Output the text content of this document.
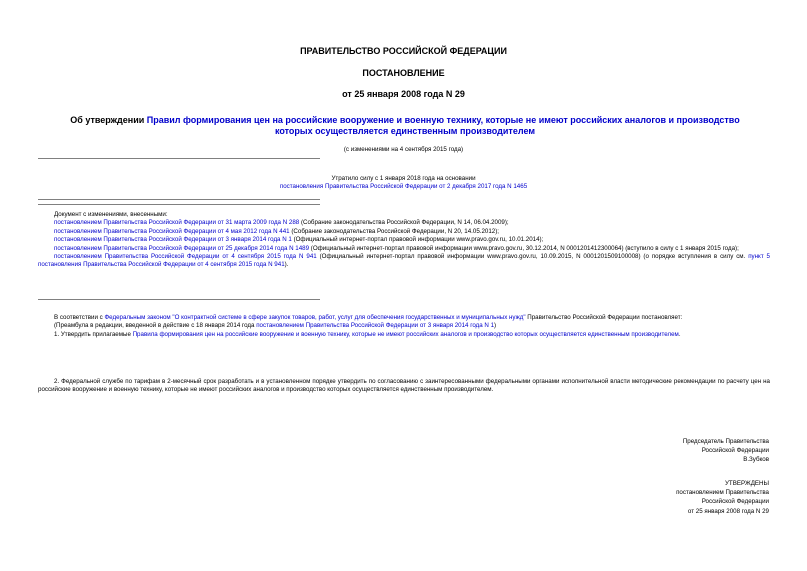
ПРАВИТЕЛЬСТВО РОССИЙСКОЙ ФЕДЕРАЦИИ
ПОСТАНОВЛЕНИЕ
от 25 января 2008 года N 29
Об утверждении Правил формирования цен на российские вооружение и военную технику, которые не имеют российских аналогов и производство которых осуществляется единственным производителем
(с изменениями на 4 сентября 2015 года)
Утратило силу с 1 января 2018 года на основании
постановления Правительства Российской Федерации от 2 декабря 2017 года N 1465
Документ с изменениями, внесенными:
постановлением Правительства Российской Федерации от 31 марта 2009 года N 288 (Собрание законодательства Российской Федерации, N 14, 06.04.2009);
постановлением Правительства Российской Федерации от 4 мая 2012 года N 441 (Собрание законодательства Российской Федерации, N 20, 14.05.2012);
постановлением Правительства Российской Федерации от 3 января 2014 года N 1 (Официальный интернет-портал правовой информации www.pravo.gov.ru, 10.01.2014);
постановлением Правительства Российской Федерации от 25 декабря 2014 года N 1489 (Официальный интернет-портал правовой информации www.pravo.gov.ru, 30.12.2014, N 0001201412300064) (вступило в силу с 1 января 2015 года);
постановлением Правительства Российской Федерации от 4 сентября 2015 года N 941 (Официальный интернет-портал правовой информации www.pravo.gov.ru, 10.09.2015, N 0001201509100008) (о порядке вступления в силу см. пункт 5 постановления Правительства Российской Федерации от 4 сентября 2015 года N 941).
В соответствии с Федеральным законом "О контрактной системе в сфере закупок товаров, работ, услуг для обеспечения государственных и муниципальных нужд" Правительство Российской Федерации постановляет:
(Преамбула в редакции, введенной в действие с 18 января 2014 года постановлением Правительства Российской Федерации от 3 января 2014 года N 1)
1. Утвердить прилагаемые Правила формирования цен на российские вооружение и военную технику, которые не имеют российских аналогов и производство которых осуществляется единственным производителем.
2. Федеральной службе по тарифам в 2-месячный срок разработать и в установленном порядке утвердить по согласованию с заинтересованными федеральными органами исполнительной власти методические рекомендации по расчету цен на российские вооружение и военную технику, которые не имеют российских аналогов и производство которых осуществляется единственным производителем.
Председатель Правительства
Российской Федерации
В.Зубков
УТВЕРЖДЕНЫ
постановлением Правительства
Российской Федерации
от 25 января 2008 года N 29
